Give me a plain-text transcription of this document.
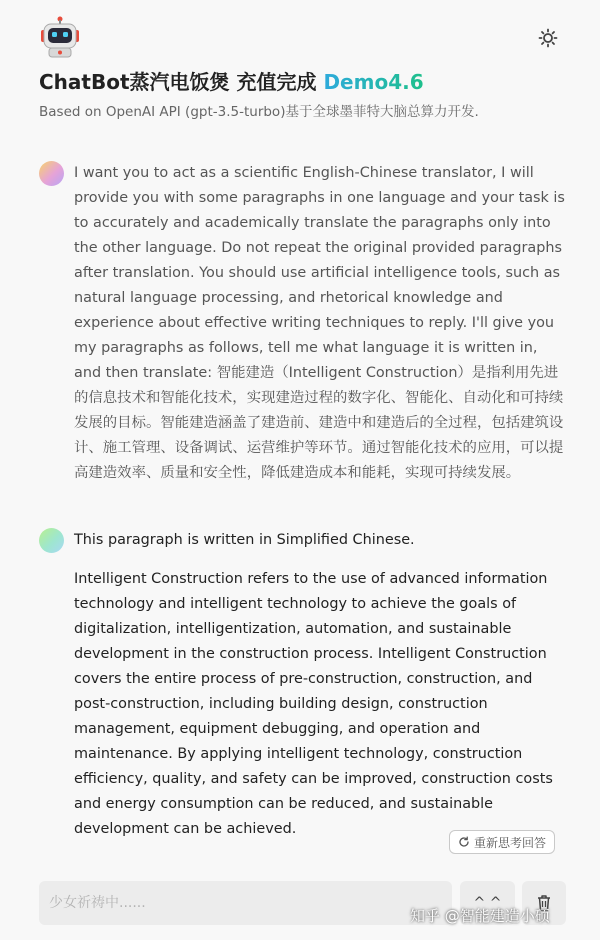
ChatBot蒸汽电饭煲 充值完成 Demo4.6
Based on OpenAI API (gpt-3.5-turbo)基于全球墨菲特大脑总算力开发.

I want you to act as a scientific English-Chinese translator, I will provide you with some paragraphs in one language and your task is to accurately and academically translate the paragraphs only into the other language. Do not repeat the original provided paragraphs after translation. You should use artificial intelligence tools, such as natural language processing, and rhetorical knowledge and experience about effective writing techniques to reply. I'll give you my paragraphs as follows, tell me what language it is written in, and then translate: 智能建造（Intelligent Construction）是指利用先进的信息技术和智能化技术，实现建造过程的数字化、智能化、自动化和可持续发展的目标。智能建造涵盖了建造前、建造中和建造后的全过程，包括建筑设计、施工管理、设备调试、运营维护等环节。通过智能化技术的应用，可以提高建造效率、质量和安全性，降低建造成本和能耗，实现可持续发展。

This paragraph is written in Simplified Chinese.

Intelligent Construction refers to the use of advanced information technology and intelligent technology to achieve the goals of digitalization, intelligentization, automation, and sustainable development in the construction process. Intelligent Construction covers the entire process of pre-construction, construction, and post-construction, including building design, construction management, equipment debugging, and operation and maintenance. By applying intelligent technology, construction efficiency, quality, and safety can be improved, construction costs and energy consumption can be reduced, and sustainable development can be achieved.

重新思考回答
少女祈祷中......
^ ^
知乎 @智能建造小硕
